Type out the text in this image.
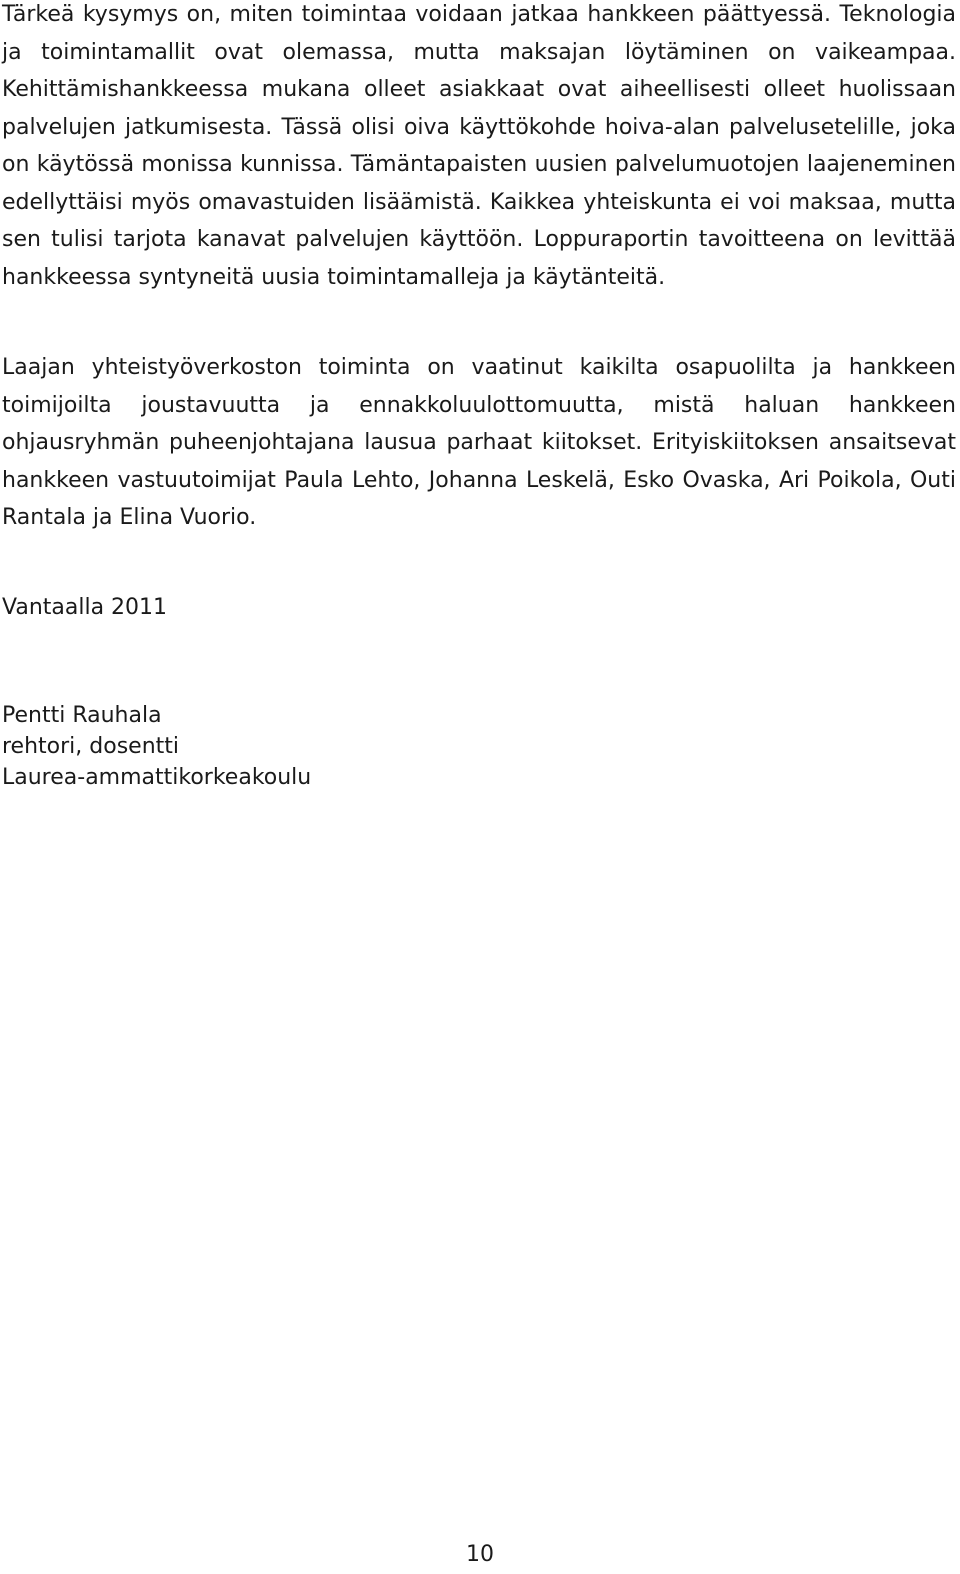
Tärkeä kysymys on, miten toimintaa voidaan jatkaa hankkeen päättyessä. Teknologia ja toimintamallit ovat olemassa, mutta maksajan löytäminen on vaikeampaa. Kehittämishankkeessa mukana olleet asiakkaat ovat aiheellisesti olleet huolissaan palvelujen jatkumisesta. Tässä olisi oiva käyttökohde hoiva-alan palvelusetelille, joka on käytössä monissa kunnissa. Tämäntapaisten uusien palvelumuotojen laajeneminen edellyttäisi myös omavastuiden lisäämistä. Kaikkea yhteiskunta ei voi maksaa, mutta sen tulisi tarjota kanavat palvelujen käyttöön. Loppuraportin tavoitteena on levittää hankkeessa syntyneitä uusia toimintamalleja ja käytänteitä.

Laajan yhteistyöverkoston toiminta on vaatinut kaikilta osapuolilta ja hankkeen toimijoilta joustavuutta ja ennakkoluulottomuutta, mistä haluan hankkeen ohjausryhmän puheenjohtajana lausua parhaat kiitokset. Erityiskiitoksen ansaitsevat hankkeen vastuutoimijat Paula Lehto, Johanna Leskelä, Esko Ovaska, Ari Poikola, Outi Rantala ja Elina Vuorio.

Vantaalla 2011

Pentti Rauhala
rehtori, dosentti
Laurea-ammattikorkeakoulu
10
